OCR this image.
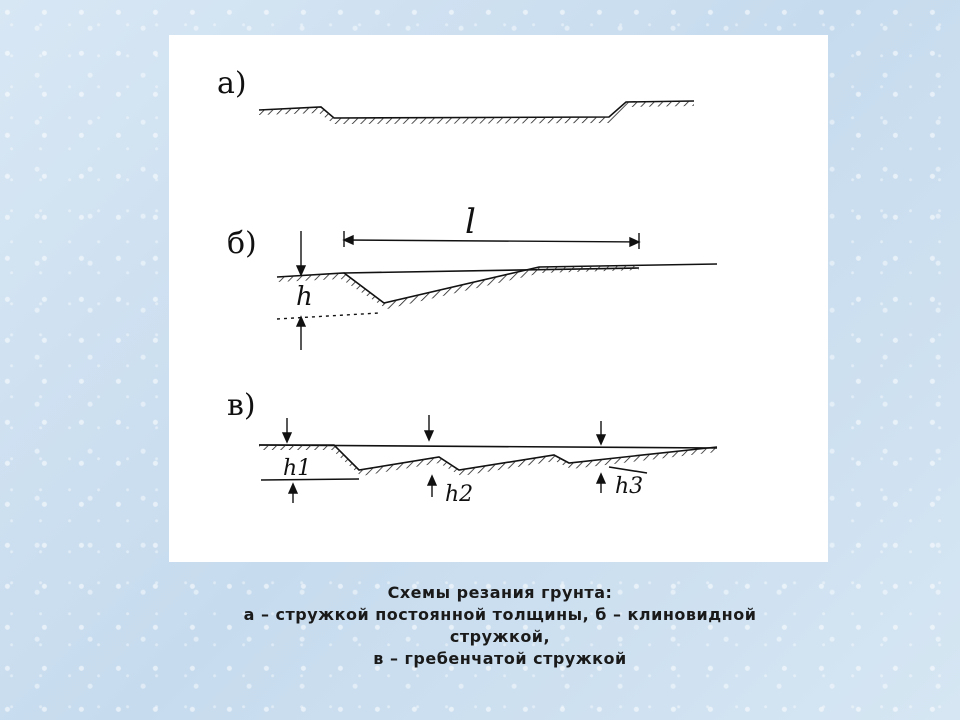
а)
б)
l
h
в)
h1
h2	h3
Схемы резания грунта:
а – стружкой постоянной толщины, б – клиновидной
стружкой,
в – гребенчатой стружкой
